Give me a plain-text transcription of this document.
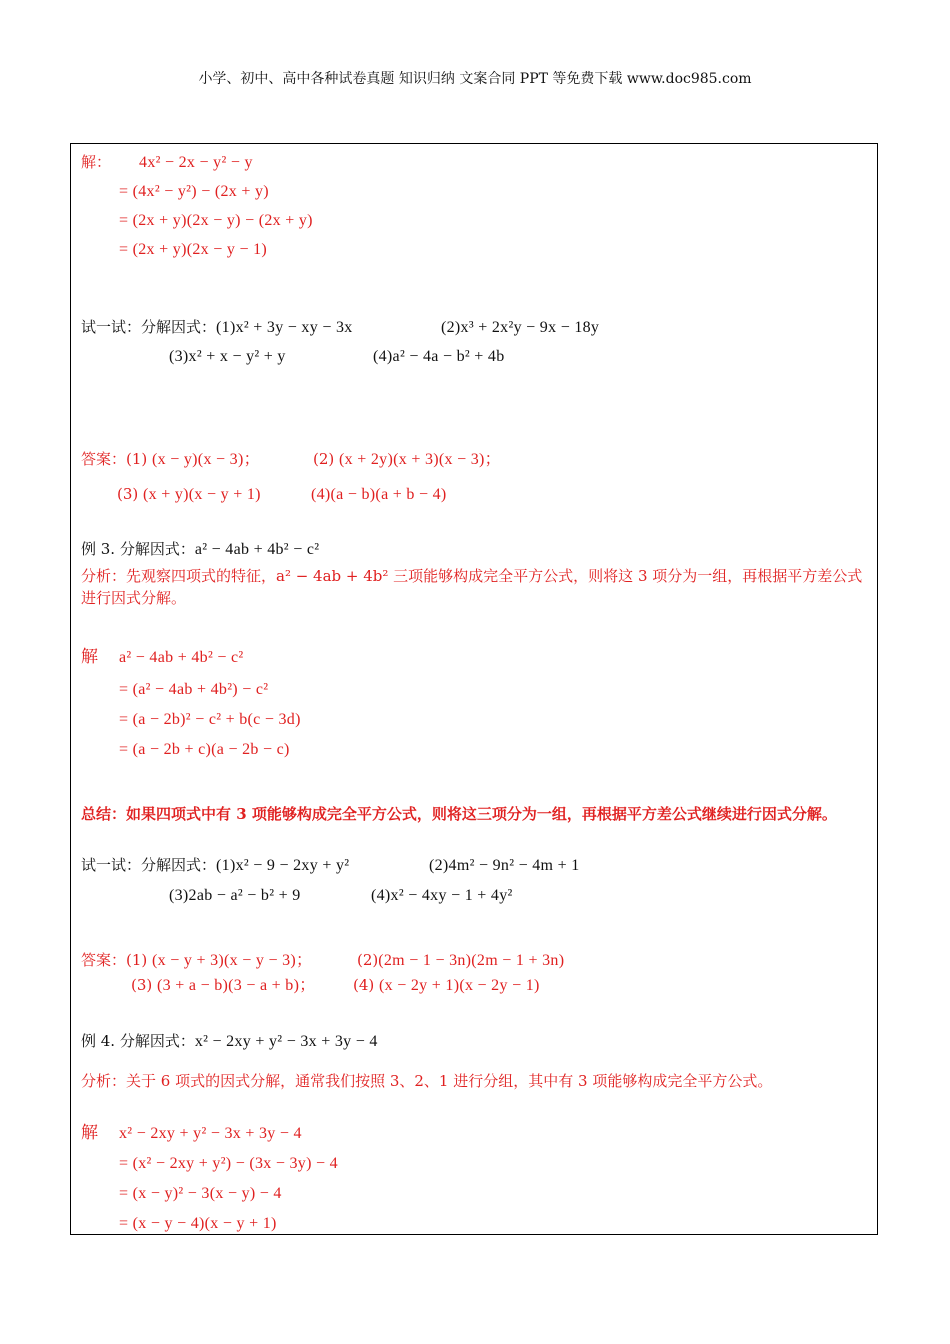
小学、初中、高中各种试卷真题 知识归纳 文案合同 PPT 等免费下载 www.doc985.com
解： 4x² − 2x − y² − y
= (4x² − y²) − (2x + y)
= (2x + y)(2x − y) − (2x + y)
= (2x + y)(2x − y − 1)
试一试：分解因式：(1)x² + 3y − xy − 3x	(2)x³ + 2x²y − 9x − 18y
(3)x² + x − y² + y	(4)a² − 4a − b² + 4b
答案：(1) (x − y)(x − 3)；	(2) (x + 2y)(x + 3)(x − 3)；
(3) (x + y)(x − y + 1)	(4)(a − b)(a + b − 4)
例 3. 分解因式：a² − 4ab + 4b² − c²
a² − 4ab + 4b² − c²
= (a² − 4ab + 4b²) − c²
= (a − 2b)² − c² + b(c − 3d)
= (a − 2b + c)(a − 2b − c)
试一试：分解因式：(1)x² − 9 − 2xy + y²	(2)4m² − 9n² − 4m + 1
(3)2ab − a² − b² + 9	(4)x² − 4xy − 1 + 4y²
答案：(1) (x − y + 3)(x − y − 3)；	(2)(2m − 1 − 3n)(2m − 1 + 3n)
(3) (3 + a − b)(3 − a + b)； (4) (x − 2y + 1)(x − 2y − 1)
例 4. 分解因式：x² − 2xy + y² − 3x + 3y − 4
x² − 2xy + y² − 3x + 3y − 4
= (x² − 2xy + y²) − (3x − 3y) − 4
= (x − y)² − 3(x − y) − 4
= (x − y − 4)(x − y + 1)
解
解
分析：先观察四项式的特征，a² − 4ab + 4b² 三项能够构成完全平方公式，则将这 3 项分为一组，再根据平方差公式进行因式分解。
总结：如果四项式中有 3 项能够构成完全平方公式，则将这三项分为一组，再根据平方差公式继续进行因式分解。
分析：关于 6 项式的因式分解，通常我们按照 3、2、1 进行分组，其中有 3 项能够构成完全平方公式。
